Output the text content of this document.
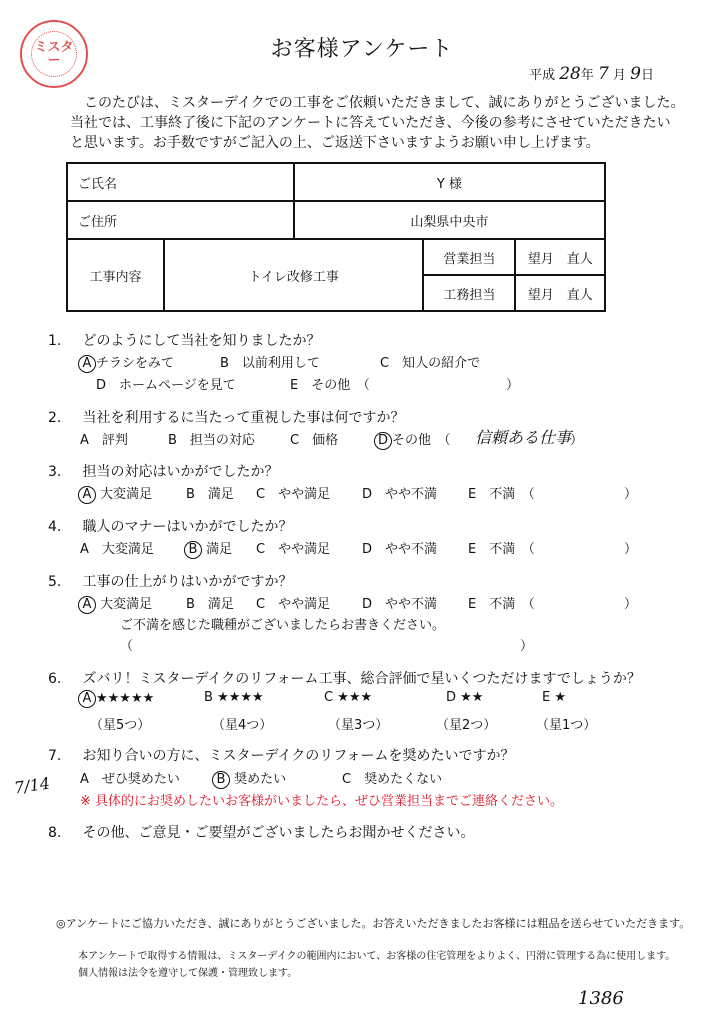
ミスター	お客様アンケート
平成 28年 7 月 9日
このたびは、ミスターデイクでの工事をご依頼いただきまして、誠にありがとうございました。
当社では、工事終了後に下記のアンケートに答えていただき、今後の参考にさせていただきたい
と思います。お手数ですがご記入の上、ご返送下さいますようお願い申し上げます。
ご氏名		Y 様		
ご住所		山梨県中央市		
工事内容	トイレ改修工事		営業担当	望月　直人
			工務担当	望月　直人
1. どのようにして当社を知りましたか？
A チラシをみて	B　以前利用して	C　知人の紹介で
D　ホームページを見て	E　その他　（	）
2. 当社を利用するに当たって重視した事は何ですか？
A　評判	B　担当の対応	C　価格	D その他　（ 信頼ある仕事
）
3. 担当の対応はいかがでしたか？
A 大変満足	B　満足 C　やや満足 D　やや不満 E　不満　（	）
4. 職人のマナーはいかがでしたか？
A　大変満足	B 満足 C　やや満足 D　やや不満 E　不満　（	）
5. 工事の仕上がりはいかがですか？
A 大変満足	B　満足 C　やや満足 D　やや不満 E　不満　（	）
ご不満を感じた職種がございましたらお書きください。
（	）
6. ズバリ！ミスターデイクのリフォーム工事、総合評価で星いくつただけますでしょうか？
A ★★★★★	B ★★★★	C ★★★	D ★★	E ★
（星5つ）	（星4つ）	（星3つ）	（星2つ）	（星1つ）
7. お知り合いの方に、ミスターデイクのリフォームを奨めたいですか？
A　ぜひ奨めたい	B 奨めたい	C　奨めたくない
※ 具体的にお奨めしたいお客様がいましたら、ぜひ営業担当までご連絡ください。
8. その他、ご意見・ご要望がございましたらお聞かせください。
7/14
◎アンケートにご協力いただき、誠にありがとうございました。お答えいただきましたお客様には粗品を送らせていただきます。
本アンケートで取得する情報は、ミスターデイクの範囲内において、お客様の住宅管理をよりよく、円滑に管理する為に使用します。
個人情報は法令を遵守して保護・管理致します。
1386
